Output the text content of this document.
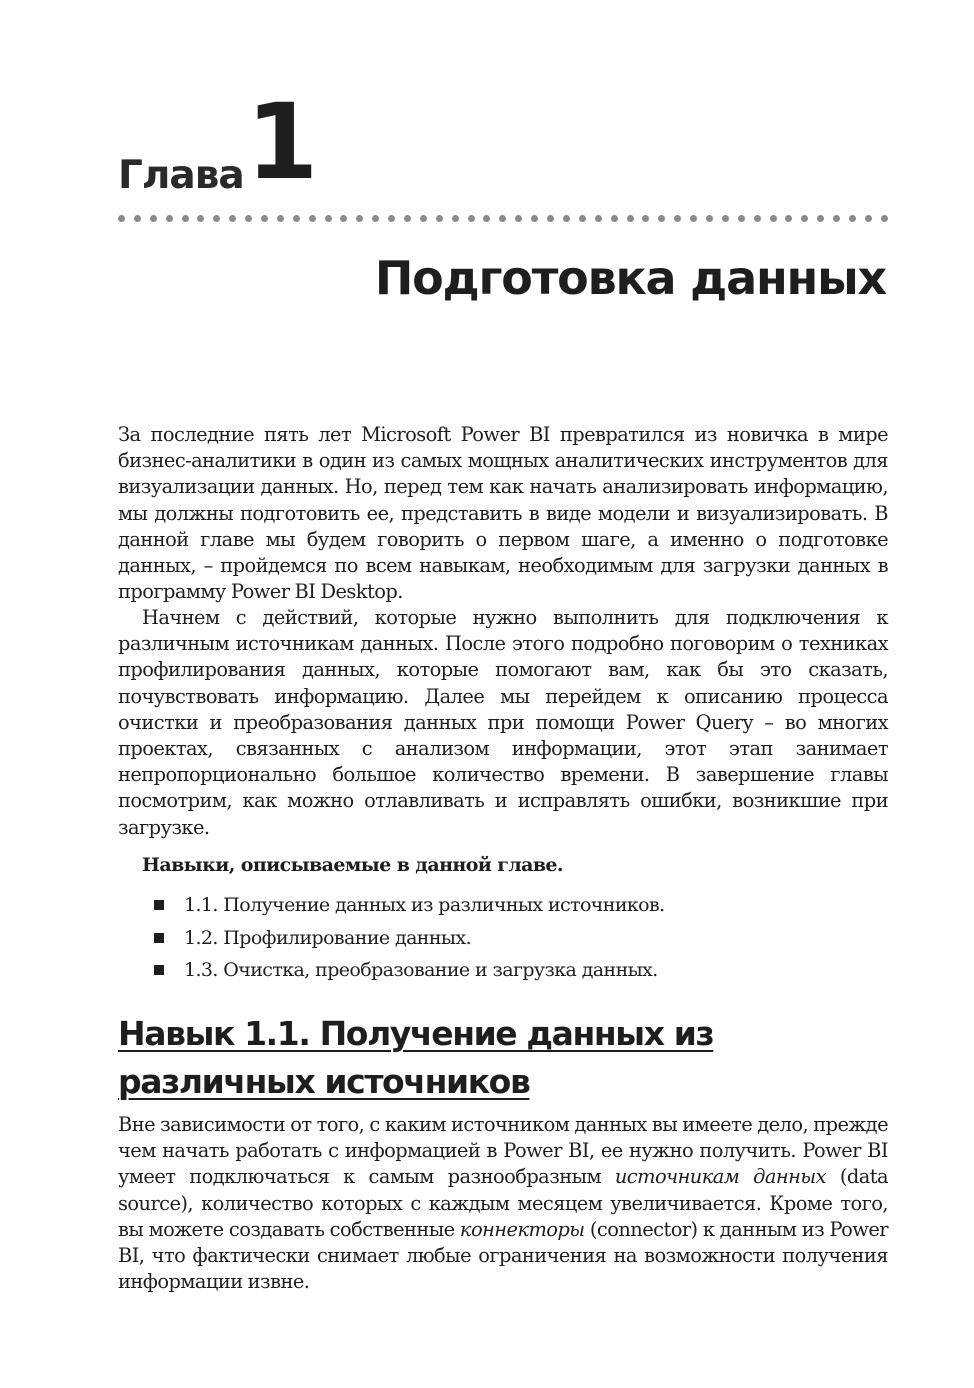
Глава 1
Подготовка данных

За последние пять лет Microsoft Power BI превратился из новичка в мире бизнес-аналитики в один из самых мощных аналитических инструментов для визуализации данных. Но, перед тем как начать анализировать информацию, мы должны подготовить ее, представить в виде модели и визуализировать. В данной главе мы будем говорить о первом шаге, а именно о подготовке данных, – пройдемся по всем навыкам, необходимым для загрузки данных в программу Power BI Desktop.

Начнем с действий, которые нужно выполнить для подключения к различным источникам данных. После этого подробно поговорим о техниках профилирования данных, которые помогают вам, как бы это сказать, почувствовать информацию. Далее мы перейдем к описанию процесса очистки и преобразования данных при помощи Power Query – во многих проектах, связанных с анализом информации, этот этап занимает непропорционально большое количество времени. В завершение главы посмотрим, как можно отлавливать и исправлять ошибки, возникшие при загрузке.

Навыки, описываемые в данной главе.
1.1. Получение данных из различных источников.
1.2. Профилирование данных.
1.3. Очистка, преобразование и загрузка данных.
Навык 1.1. Получение данных из различных источников

Вне зависимости от того, с каким источником данных вы имеете дело, прежде чем начать работать с информацией в Power BI, ее нужно получить. Power BI умеет подключаться к самым разнообразным источникам данных (data source), количество которых с каждым месяцем увеличивается. Кроме того, вы можете создавать собственные коннекторы (connector) к данным из Power BI, что фактически снимает любые ограничения на возможности получения информации извне.
